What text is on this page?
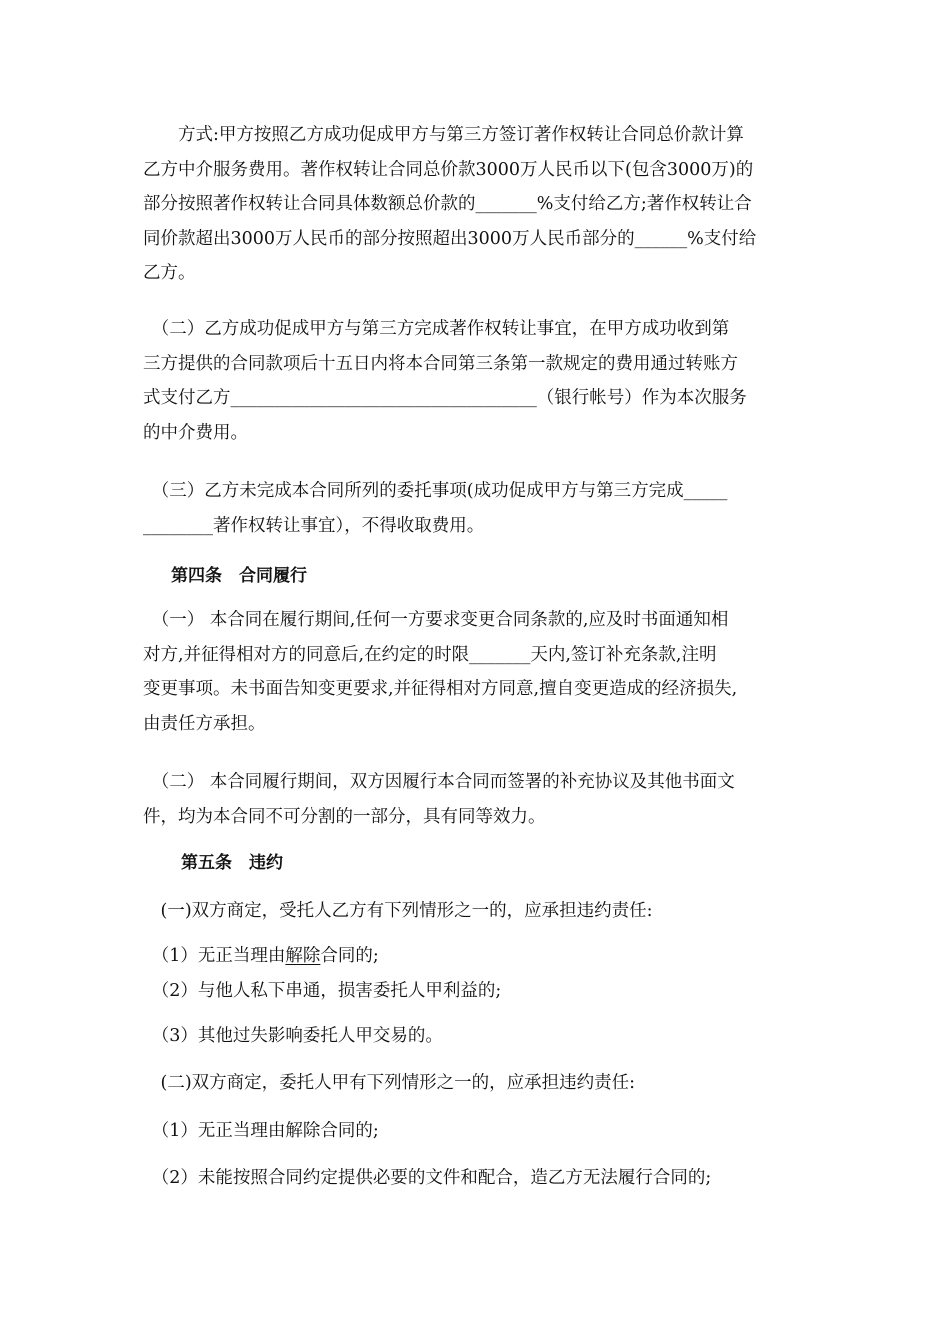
　　方式:甲方按照乙方成功促成甲方与第三方签订著作权转让合同总价款计算
乙方中介服务费用。著作权转让合同总价款3000万人民币以下(包含3000万)的
部分按照著作权转让合同具体数额总价款的_______%支付给乙方;著作权转让合
同价款超出3000万人民币的部分按照超出3000万人民币部分的______%支付给
乙方。
　（二）乙方成功促成甲方与第三方完成著作权转让事宜，在甲方成功收到第
三方提供的合同款项后十五日内将本合同第三条第一款规定的费用通过转账方
式支付乙方___________________________________（银行帐号）作为本次服务
的中介费用。
　（三）乙方未完成本合同所列的委托事项(成功促成甲方与第三方完成_____
________著作权转让事宜），不得收取费用。
第四条　合同履行
　（一） 本合同在履行期间,任何一方要求变更合同条款的,应及时书面通知相
对方,并征得相对方的同意后,在约定的时限_______天内,签订补充条款,注明
变更事项。未书面告知变更要求,并征得相对方同意,擅自变更造成的经济损失,
由责任方承担。
　（二） 本合同履行期间，双方因履行本合同而签署的补充协议及其他书面文
件，均为本合同不可分割的一部分，具有同等效力。
第五条　违约
　(一)双方商定，受托人乙方有下列情形之一的，应承担违约责任:
　（1）无正当理由解除合同的;
　（2）与他人私下串通，损害委托人甲利益的;
　（3）其他过失影响委托人甲交易的。
　(二)双方商定，委托人甲有下列情形之一的，应承担违约责任:
　（1）无正当理由解除合同的;
　（2）未能按照合同约定提供必要的文件和配合，造乙方无法履行合同的;
